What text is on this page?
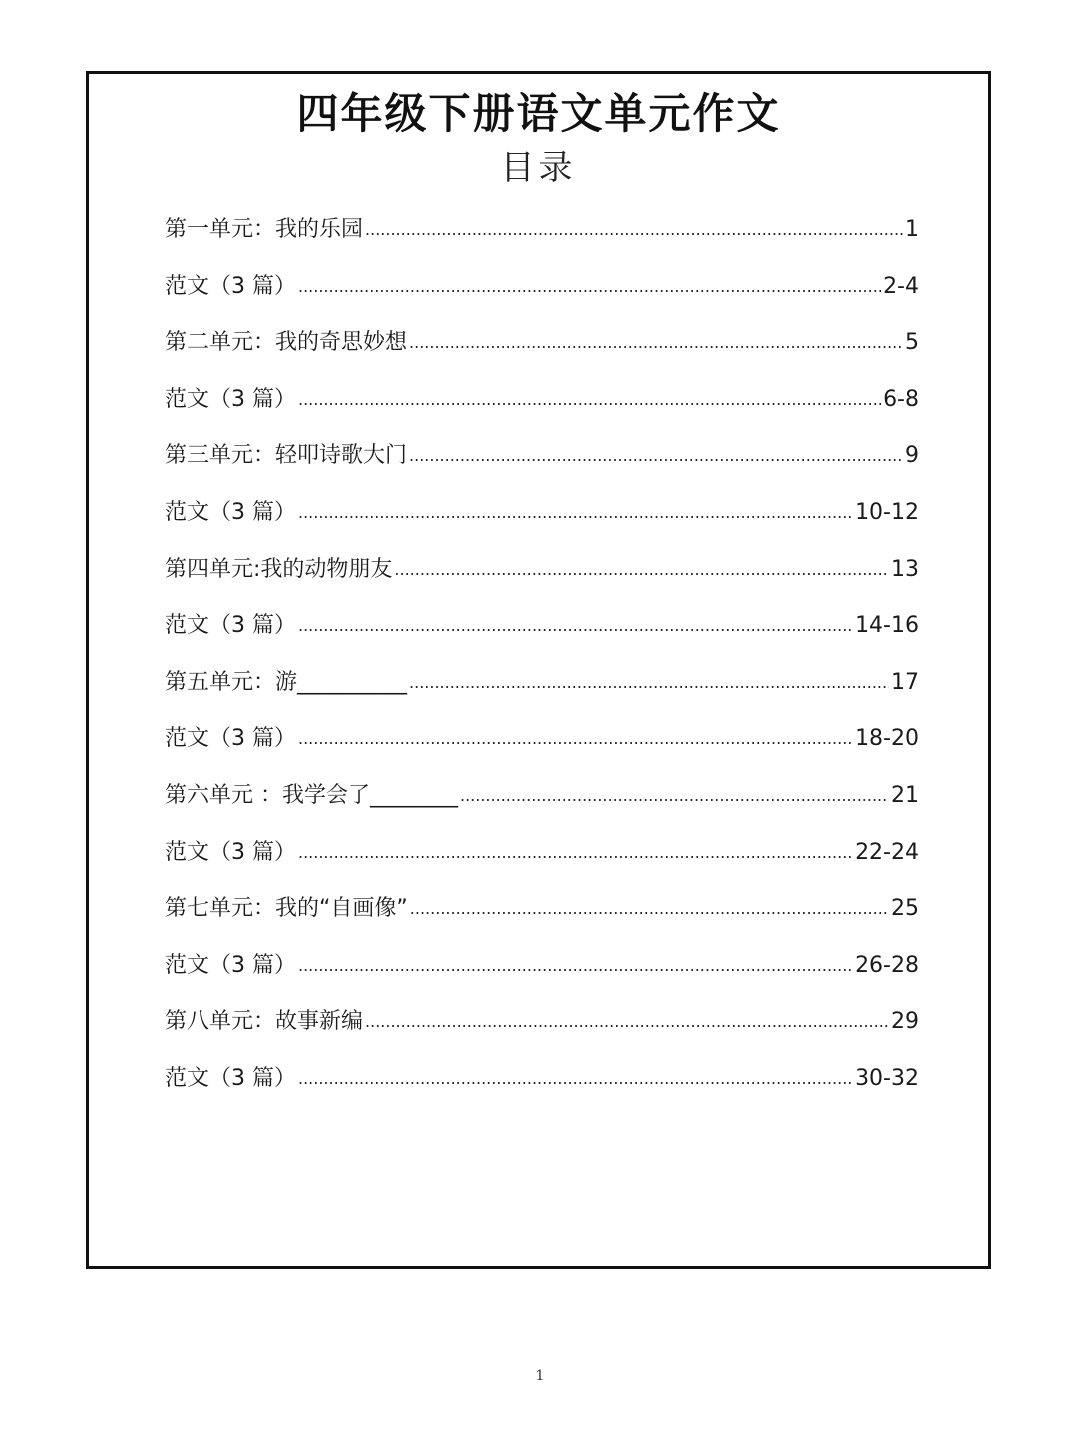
四年级下册语文单元作文
目录
第一单元：我的乐园 .....	1
范文（3 篇） .....	2-4
第二单元：我的奇思妙想 .....	5
范文（3 篇） .....	6-8
第三单元：轻叩诗歌大门 .....	9
范文（3 篇） .....	10-12
第四单元:我的动物朋友 .....	13
范文（3 篇） .....	14-16
第五单元：游__________ .....	17
范文（3 篇） .....	18-20
第六单元 ：我学会了________ .....	21
范文（3 篇） .....	22-24
第七单元：我的“自画像” .....	25
范文（3 篇） .....	26-28
第八单元：故事新编 .....	29
范文（3 篇） .....	30-32
1
